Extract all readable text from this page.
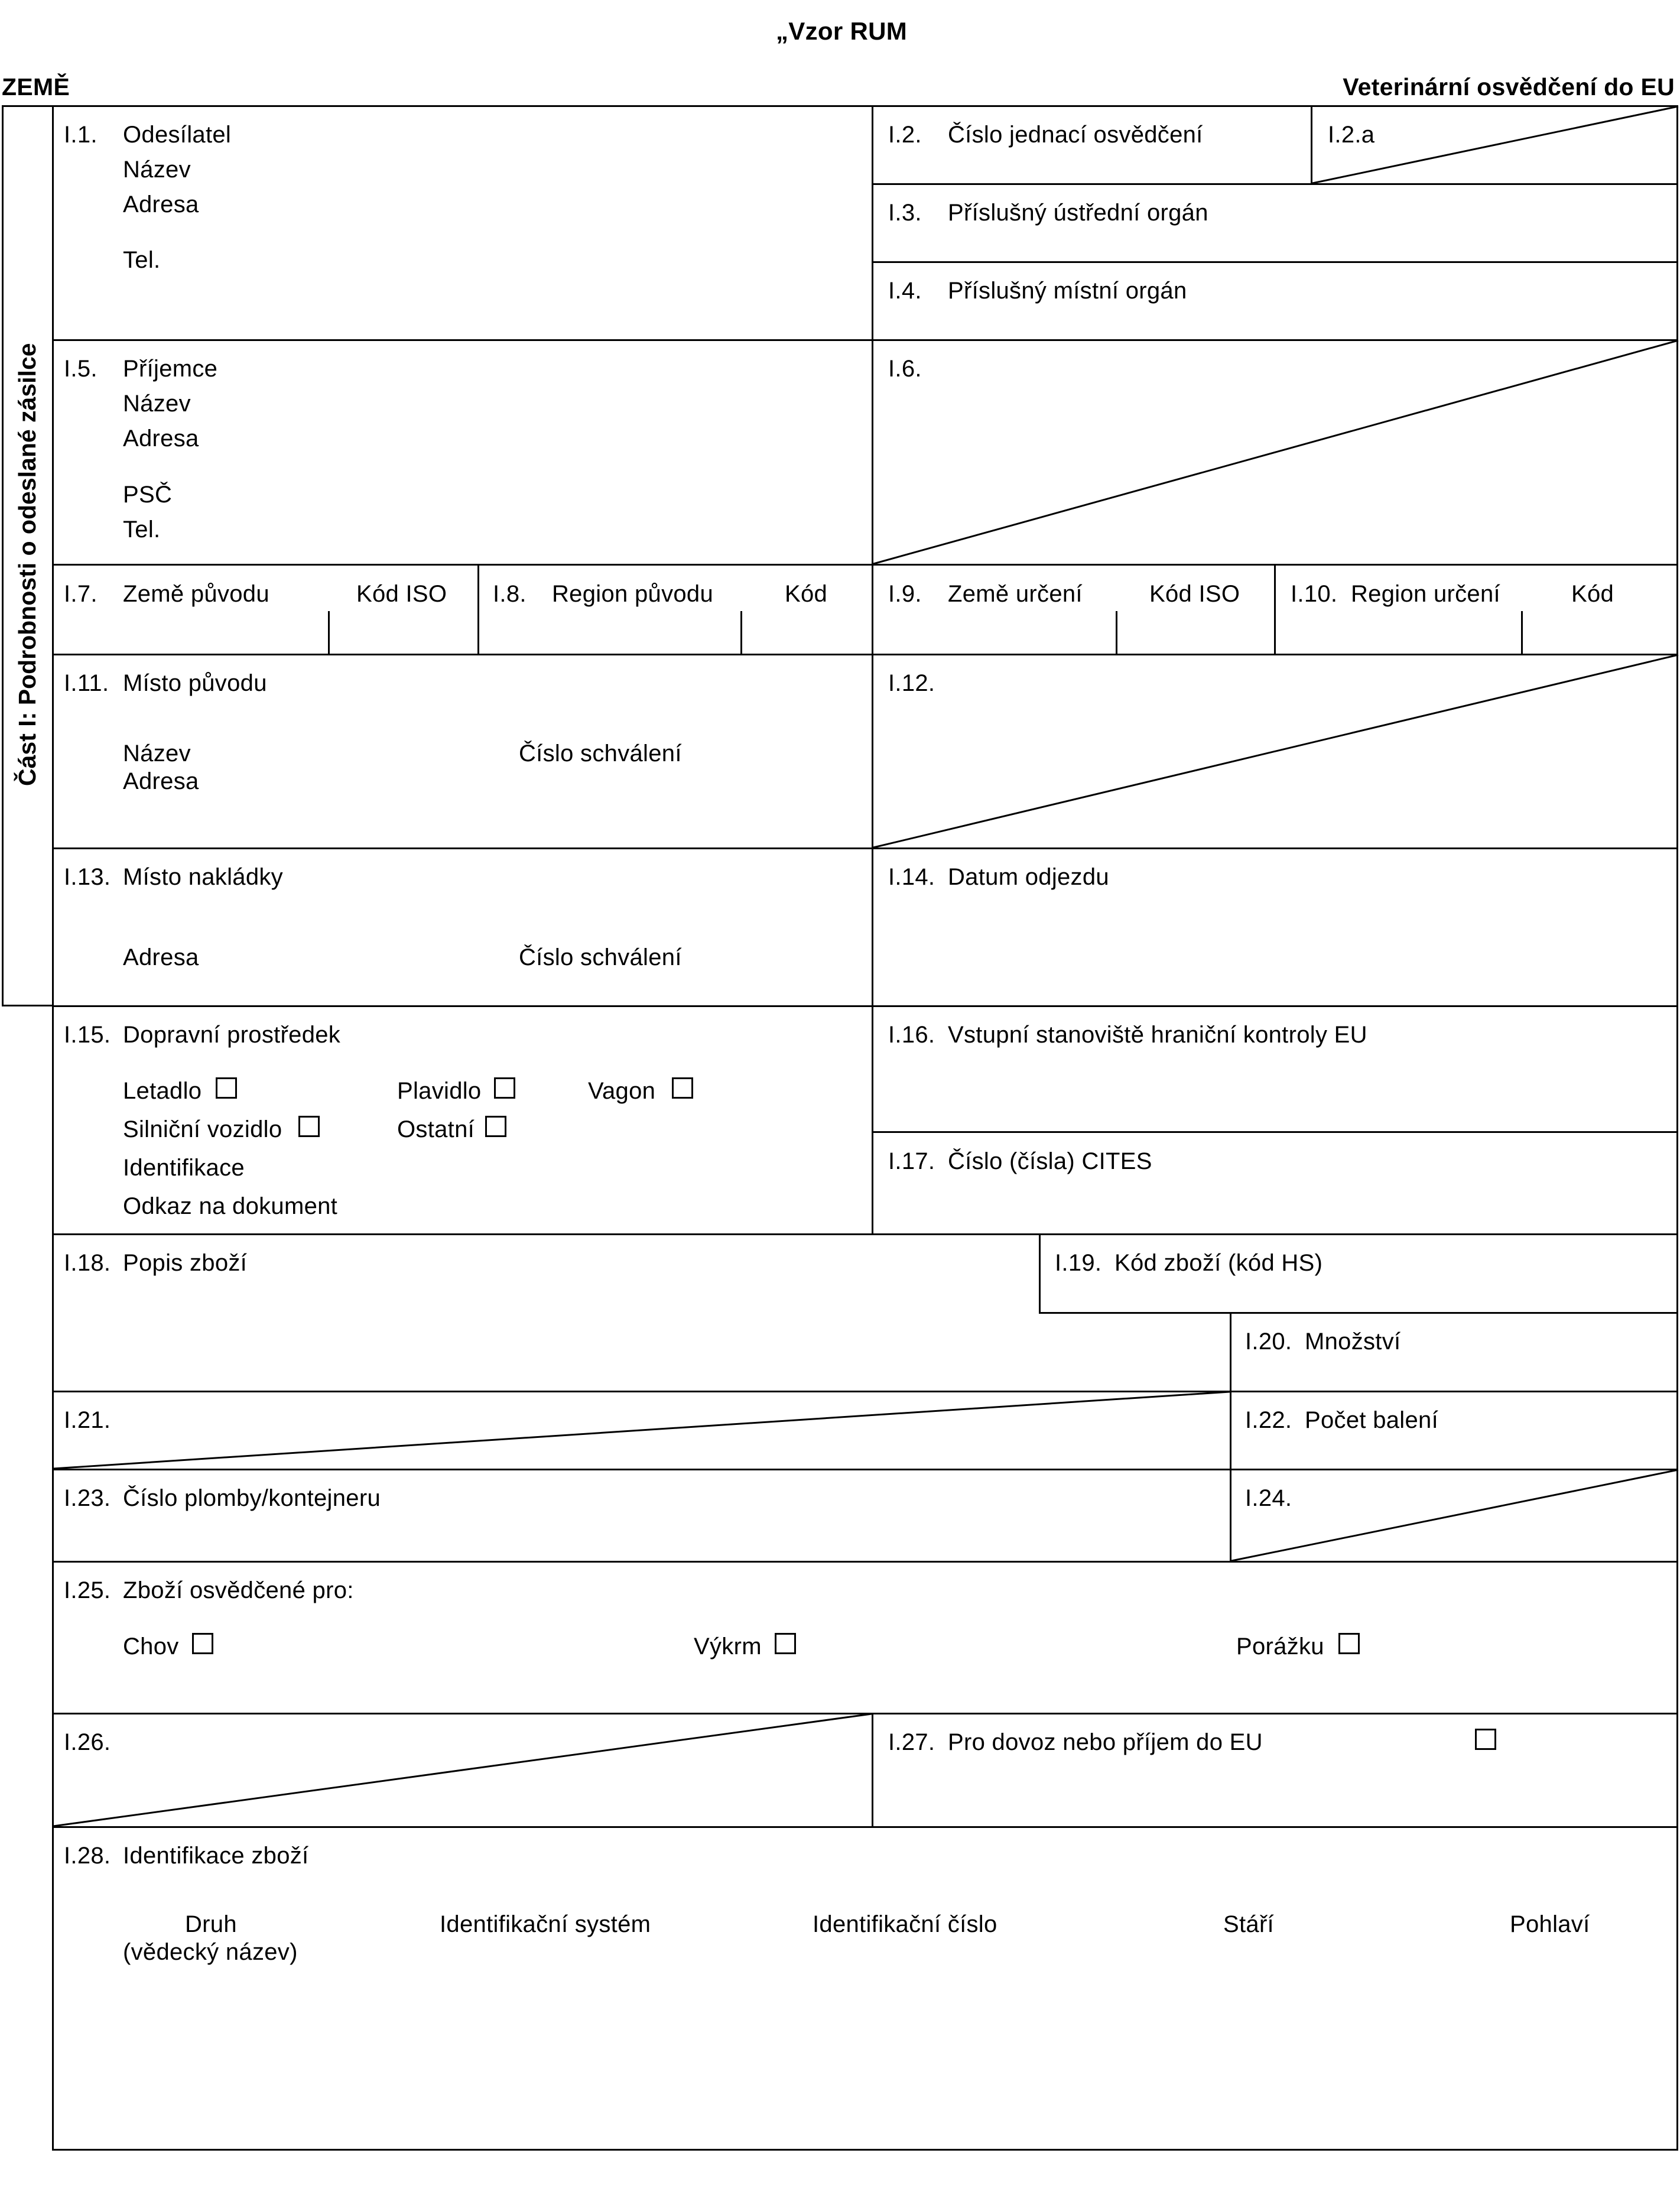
„Vzor RUM
ZEMĚ	Veterinární osvědčení do EU
Část I: Podrobnosti o odeslané zásilce
I.1. Odesílatel
Název
Adresa
Tel.
I.2. Číslo jednací osvědčení	I.2.a
I.3. Příslušný ústřední orgán
I.4. Příslušný místní orgán
I.5. Příjemce
Název
Adresa
PSČ
Tel.
I.6.
I.7. Země původu	Kód ISO I.8. Region původu	Kód	I.9. Země určení	Kód ISO I.10. Region určení	Kód
I.11. Místo původu
Název	Číslo schválení
Adresa
I.12.
I.13. Místo nakládky
Adresa	Číslo schválení
I.14. Datum odjezdu
I.15. Dopravní prostředek
Letadlo	Plavidlo	Vagon
Silniční vozidlo	Ostatní
Identifikace
Odkaz na dokument
I.16. Vstupní stanoviště hraniční kontroly EU
I.17. Číslo (čísla) CITES
I.18. Popis zboží	I.19. Kód zboží (kód HS)
I.20. Množství
I.21.	I.22. Počet balení
I.23. Číslo plomby/kontejneru	I.24.
I.25. Zboží osvědčené pro:
Chov	Výkrm	Porážku
I.26.	I.27. Pro dovoz nebo příjem do EU
I.28. Identifikace zboží
Druh
(vědecký název)
Identifikační systém	Identifikační číslo	Stáří	Pohlaví
